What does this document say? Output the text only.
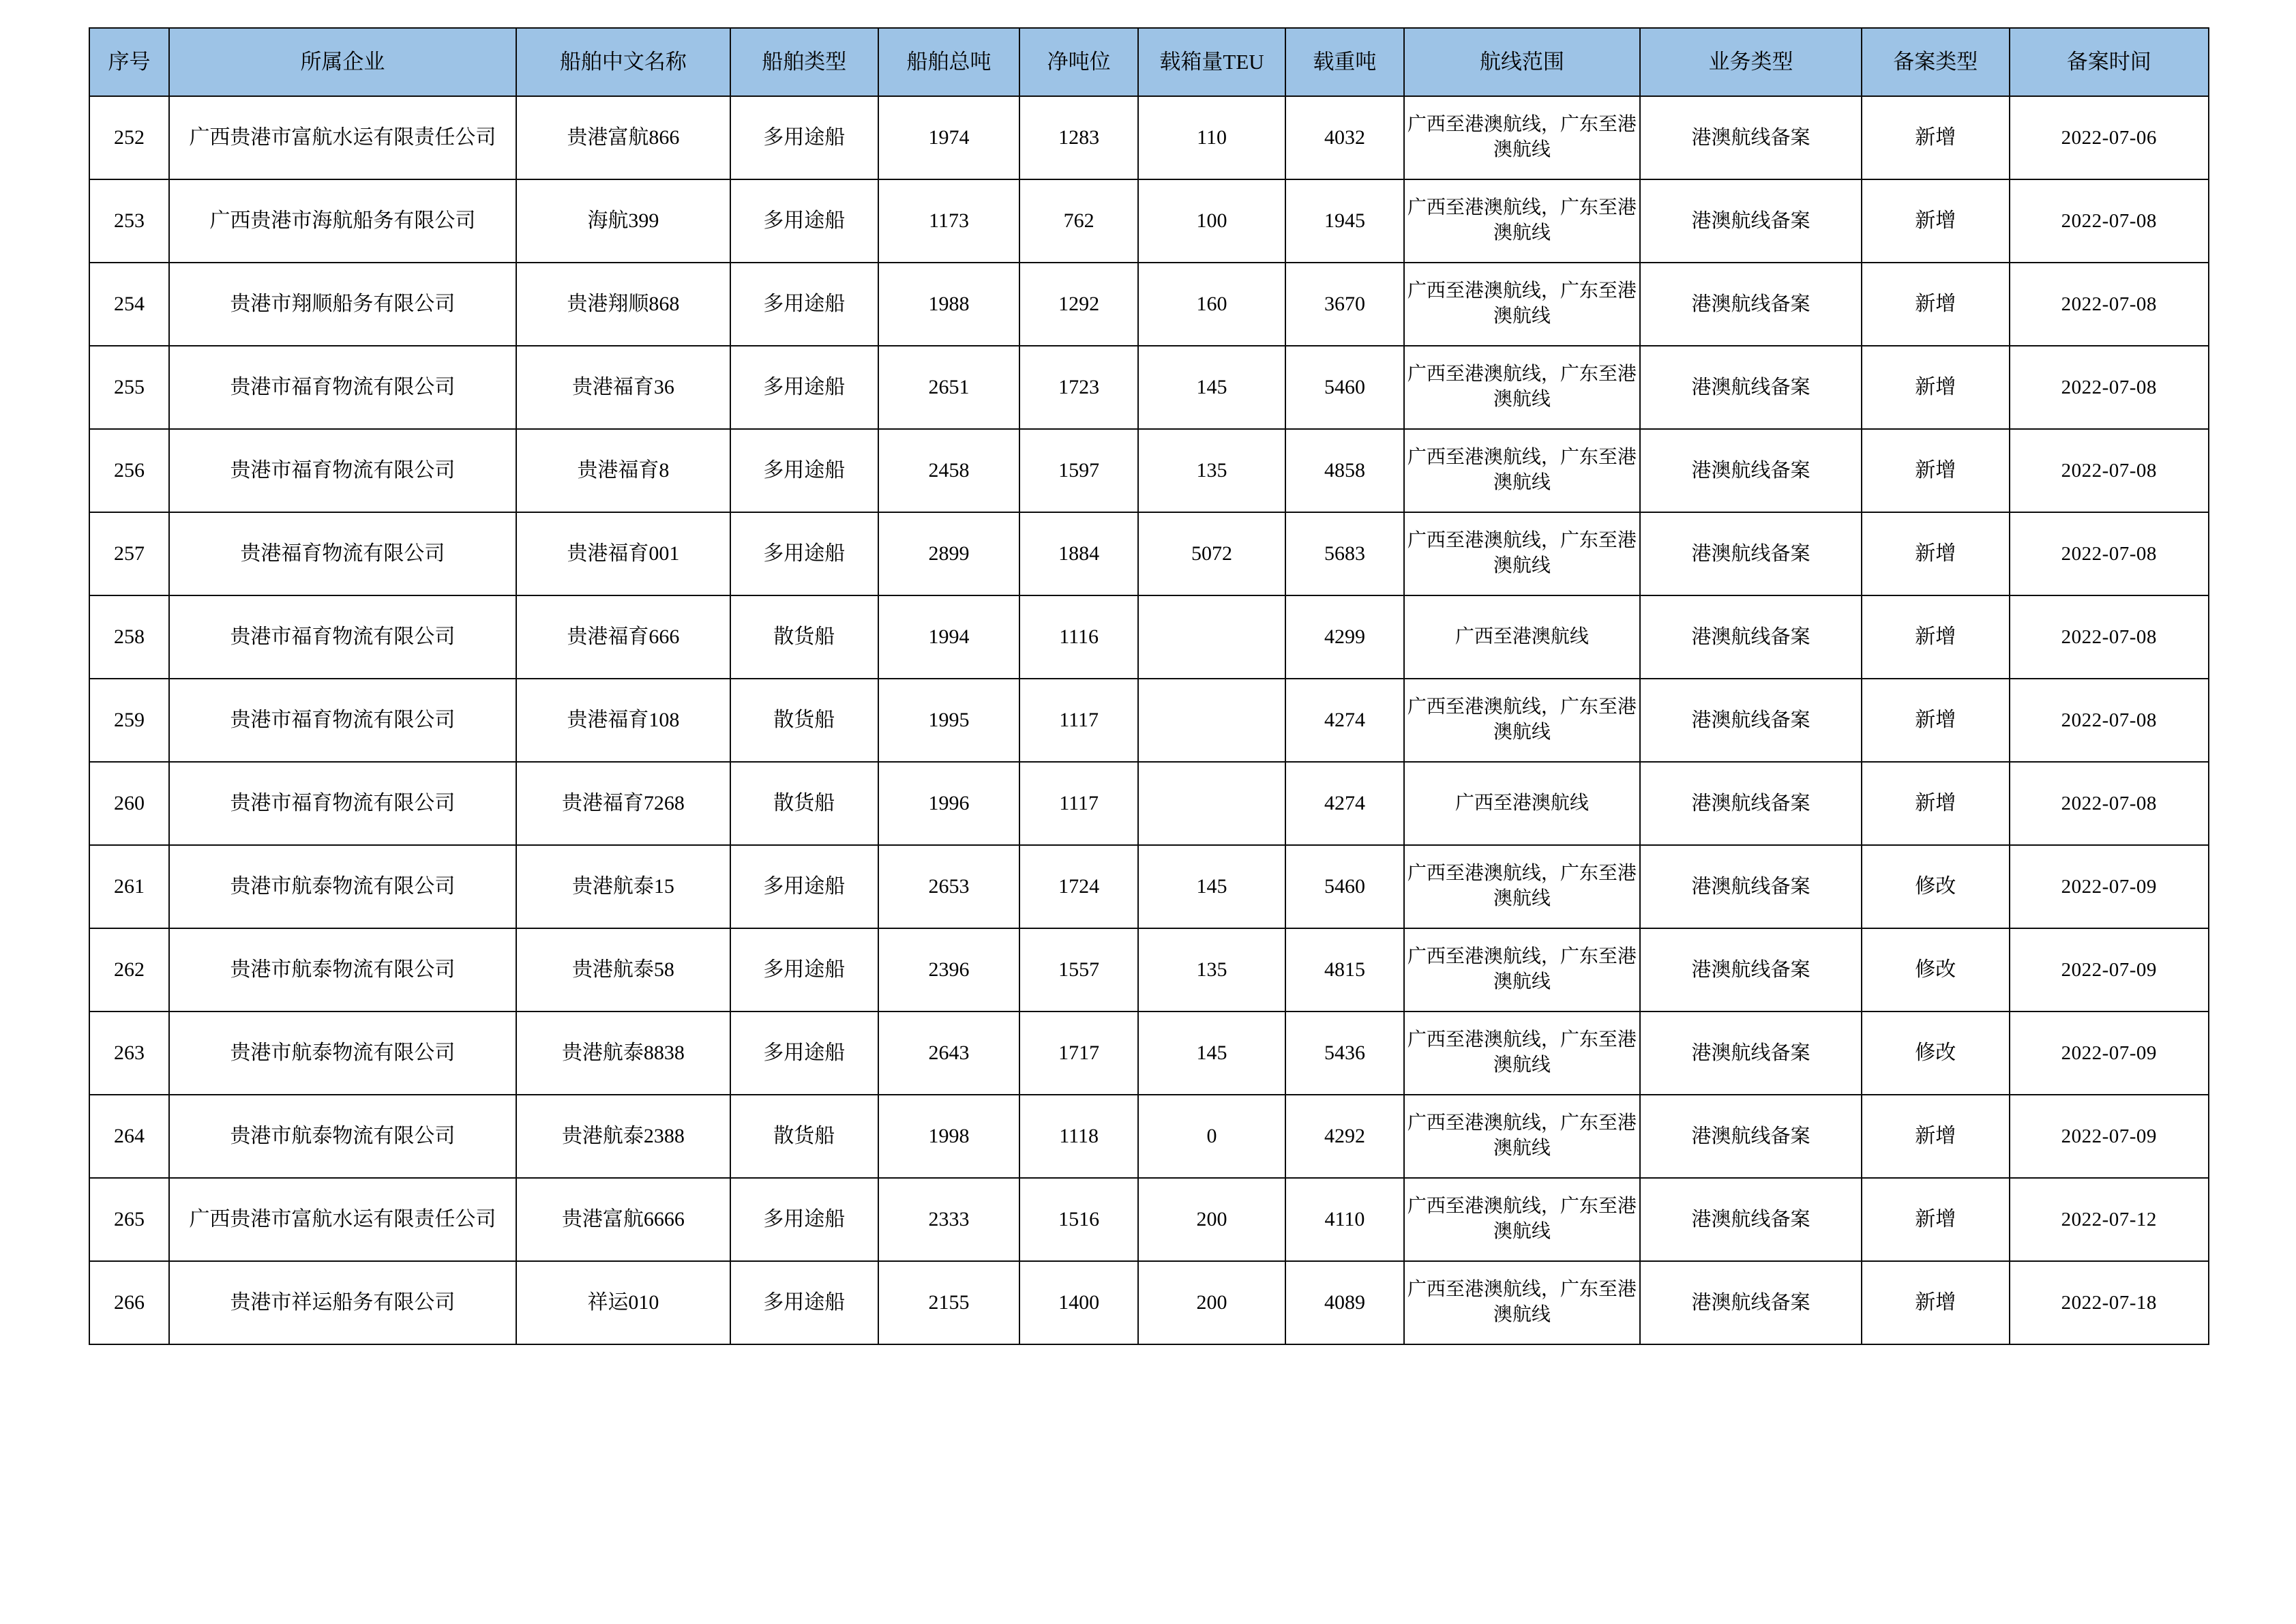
序号	所属企业	船舶中文名称	船舶类型	船舶总吨	净吨位	载箱量TEU	载重吨	航线范围	业务类型	备案类型	备案时间
252	广西贵港市富航水运有限责任公司	贵港富航866	多用途船	1974	1283	110	4032	广西至港澳航线，广东至港澳航线	港澳航线备案	新增	2022-07-06
253	广西贵港市海航船务有限公司	海航399	多用途船	1173	762	100	1945	广西至港澳航线，广东至港澳航线	港澳航线备案	新增	2022-07-08
254	贵港市翔顺船务有限公司	贵港翔顺868	多用途船	1988	1292	160	3670	广西至港澳航线，广东至港澳航线	港澳航线备案	新增	2022-07-08
255	贵港市福育物流有限公司	贵港福育36	多用途船	2651	1723	145	5460	广西至港澳航线，广东至港澳航线	港澳航线备案	新增	2022-07-08
256	贵港市福育物流有限公司	贵港福育8	多用途船	2458	1597	135	4858	广西至港澳航线，广东至港澳航线	港澳航线备案	新增	2022-07-08
257	贵港福育物流有限公司	贵港福育001	多用途船	2899	1884	5072	5683	广西至港澳航线，广东至港澳航线	港澳航线备案	新增	2022-07-08
258	贵港市福育物流有限公司	贵港福育666	散货船	1994	1116		4299	广西至港澳航线	港澳航线备案	新增	2022-07-08
259	贵港市福育物流有限公司	贵港福育108	散货船	1995	1117		4274	广西至港澳航线，广东至港澳航线	港澳航线备案	新增	2022-07-08
260	贵港市福育物流有限公司	贵港福育7268	散货船	1996	1117		4274	广西至港澳航线	港澳航线备案	新增	2022-07-08
261	贵港市航泰物流有限公司	贵港航泰15	多用途船	2653	1724	145	5460	广西至港澳航线，广东至港澳航线	港澳航线备案	修改	2022-07-09
262	贵港市航泰物流有限公司	贵港航泰58	多用途船	2396	1557	135	4815	广西至港澳航线，广东至港澳航线	港澳航线备案	修改	2022-07-09
263	贵港市航泰物流有限公司	贵港航泰8838	多用途船	2643	1717	145	5436	广西至港澳航线，广东至港澳航线	港澳航线备案	修改	2022-07-09
264	贵港市航泰物流有限公司	贵港航泰2388	散货船	1998	1118	0	4292	广西至港澳航线，广东至港澳航线	港澳航线备案	新增	2022-07-09
265	广西贵港市富航水运有限责任公司	贵港富航6666	多用途船	2333	1516	200	4110	广西至港澳航线，广东至港澳航线	港澳航线备案	新增	2022-07-12
266	贵港市祥运船务有限公司	祥运010	多用途船	2155	1400	200	4089	广西至港澳航线，广东至港澳航线	港澳航线备案	新增	2022-07-18
